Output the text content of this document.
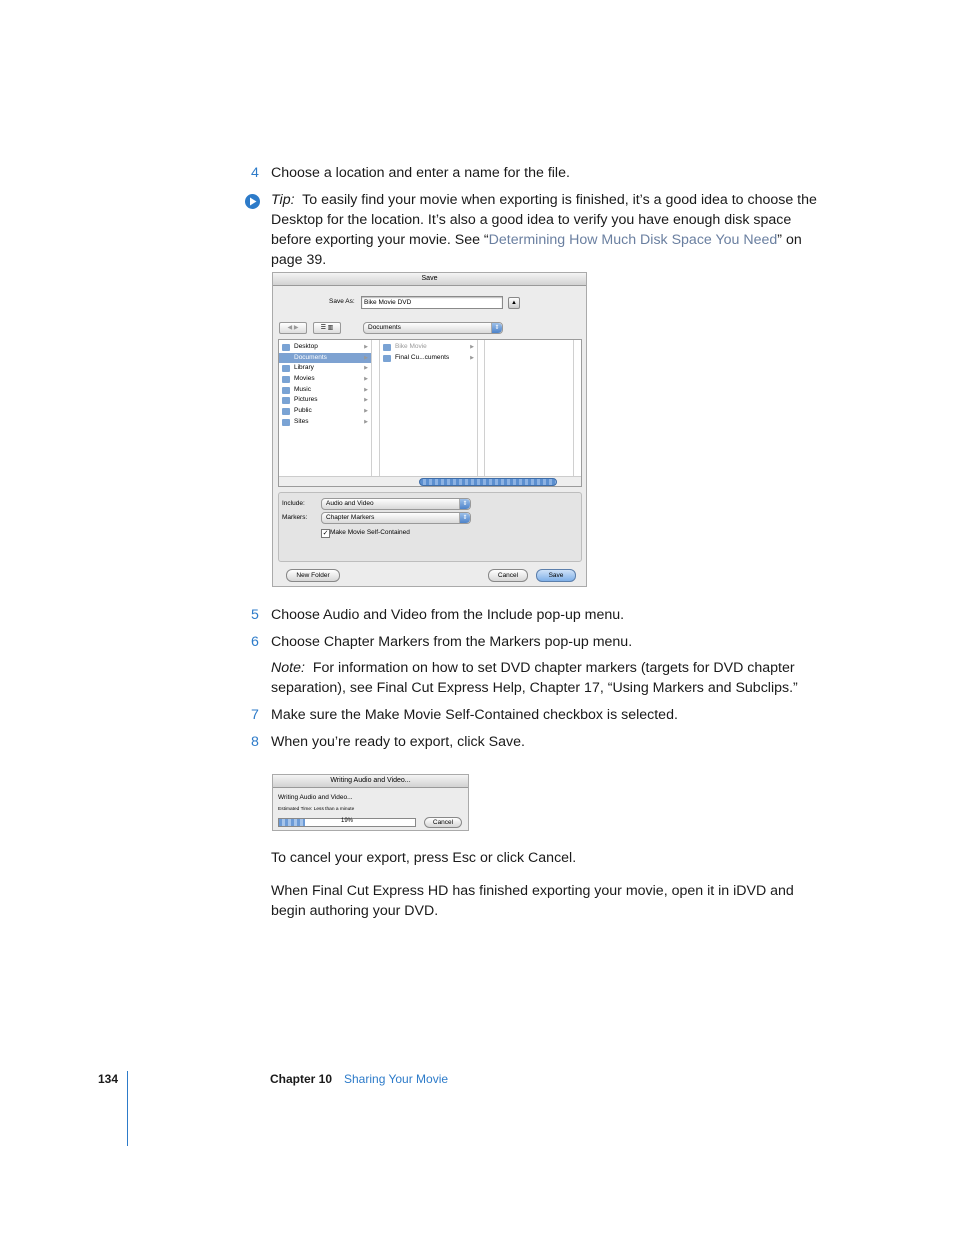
4 Choose a location and enter a name for the file.
Tip: To easily find your movie when exporting is finished, it’s a good idea to choose the Desktop for the location. It’s also a good idea to verify you have enough disk space before exporting your movie. See “Determining How Much Disk Space You Need” on page 39.
Save
Save As:	Bike Movie DVD	▲
◀ ▶	☰ ▥	Documents	⇕
Desktop	▶
Documents	▶
Library	▶
Movies	▶
Music	▶
Pictures	▶
Public	▶
Sites	▶
Bike Movie	▶
Final Cu...cuments	▶
Include:	Audio and Video	⇕
Markers:	Chapter Markers	⇕
✓ Make Movie Self-Contained
New Folder	Cancel	Save
5 Choose Audio and Video from the Include pop-up menu.
6 Choose Chapter Markers from the Markers pop-up menu.
Note: For information on how to set DVD chapter markers (targets for DVD chapter separation), see Final Cut Express Help, Chapter 17, “Using Markers and Subclips.”
7 Make sure the Make Movie Self-Contained checkbox is selected.
8 When you’re ready to export, click Save.
Writing Audio and Video...
Writing Audio and Video...
Estimated Time: Less than a minute
19%	Cancel
To cancel your export, press Esc or click Cancel.
When Final Cut Express HD has finished exporting your movie, open it in iDVD and begin authoring your DVD.
134	Chapter 10 Sharing Your Movie
